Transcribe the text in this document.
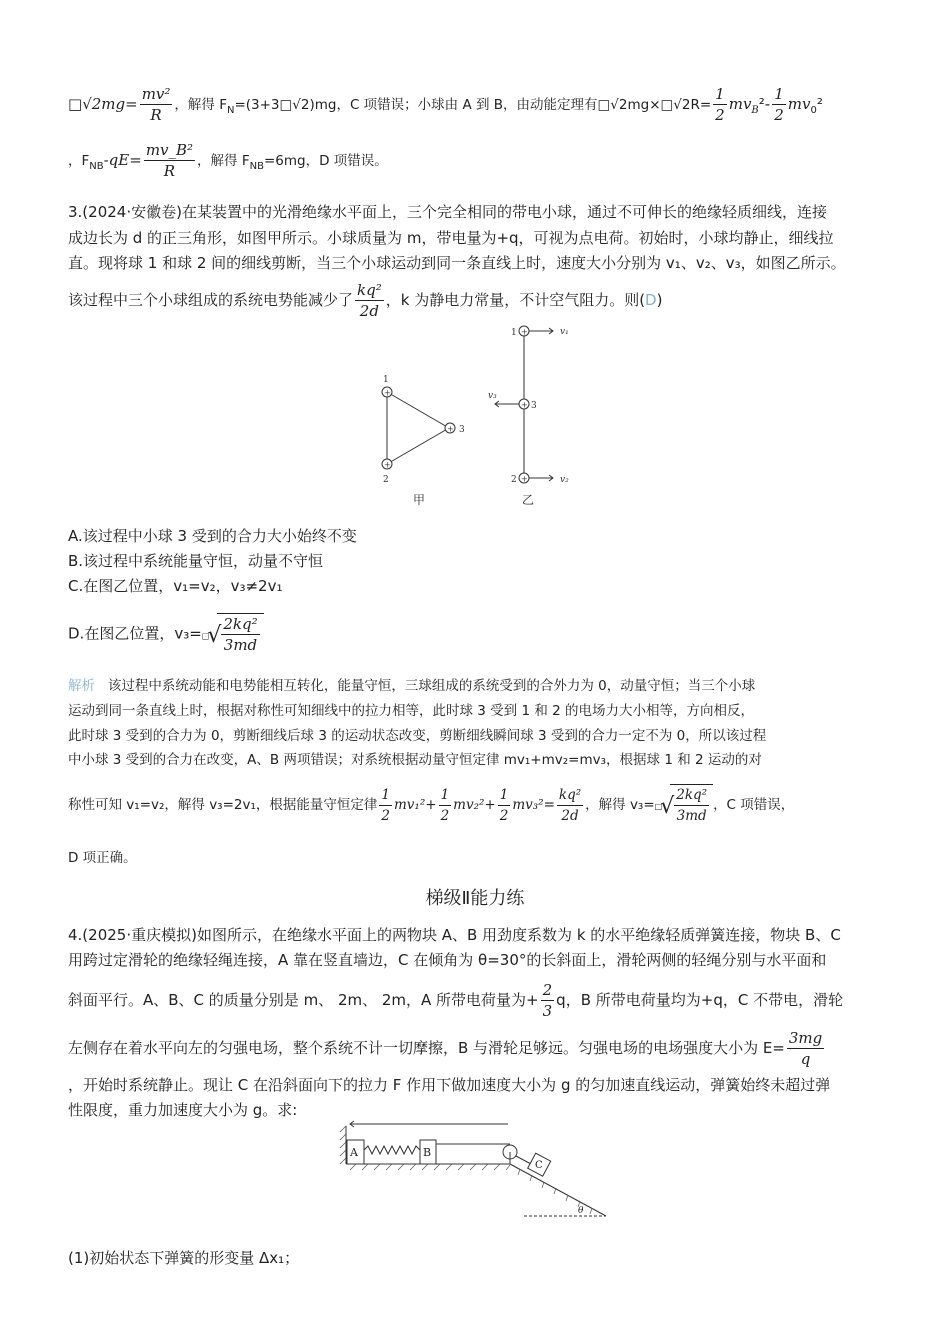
□√2mg= $\frac{\text{mv²}}{R}$ ，解得 $F_N=(3+3□√2)mg$，C 项错误；小球由 A 到 B，由动能定理有□√2mg×□√2R= $\frac{1}{2} mv_B^2- \frac{1}{2} mv_0^2$
，$F_{NB}-qE= \frac{\text{mv\_B²}}{R}$ ，解得 $F_{NB}=6mg$，D 项错误。
3.(2024·安徽卷)在某装置中的光滑绝缘水平面上，三个完全相同的带电小球，通过不可伸长的绝缘轻质细线，连接
成边长为 d 的正三角形，如图甲所示。小球质量为 m，带电量为+q，可视为点电荷。初始时，小球均静止，细线拉
直。现将球 1 和球 2 间的细线剪断，当三个小球运动到同一条直线上时，速度大小分别为 v₁、v₂、v₃，如图乙所示。
该过程中三个小球组成的系统电势能减少了 $\frac{\text{kq²}}{2d}$ ，k 为静电力常量，不计空气阻力。则(D)
+
+
+
1
2
3
甲
+
+
+
1
3
2
v₁
v₃
v₂
乙
A.该过程中小球 3 受到的合力大小始终不变
B.该过程中系统能量守恒，动量不守恒
C.在图乙位置，v₁=v₂，v₃≠2v₁
D.在图乙位置，v₃=□ √ $\frac{\text{2kq²}}{3md}$
解析 该过程中系统动能和电势能相互转化，能量守恒，三球组成的系统受到的合外力为 0，动量守恒；当三个小球
运动到同一条直线上时，根据对称性可知细线中的拉力相等，此时球 3 受到 1 和 2 的电场力大小相等，方向相反，
此时球 3 受到的合力为 0，剪断细线后球 3 的运动状态改变，剪断细线瞬间球 3 受到的合力一定不为 0，所以该过程
中小球 3 受到的合力在改变，A、B 两项错误；对系统根据动量守恒定律 mv₁+mv₂=mv₃，根据球 1 和 2 运动的对
称性可知 v₁=v₂，解得 v₃=2v₁，根据能量守恒定律 $\frac{1}{2} mv_1^2+ \frac{1}{2} mv_2^2+ \frac{1}{2} mv_3^2= \frac{\text{kq²}}{2d}$ ，解得 v₃=□ √ $\frac{\text{2kq²}}{3md}$ ，C 项错误，
D 项正确。
梯级Ⅱ能力练
4.(2025·重庆模拟)如图所示，在绝缘水平面上的两物块 A、B 用劲度系数为 k 的水平绝缘轻质弹簧连接，物块 B、C
用跨过定滑轮的绝缘轻绳连接，A 靠在竖直墙边，C 在倾角为 θ=30°的长斜面上，滑轮两侧的轻绳分别与水平面和
斜面平行。A、B、C 的质量分别是 m、 2m、 2m，A 所带电荷量为+ $\frac{2}{3}$ q，B 所带电荷量均为+q，C 不带电，滑轮
左侧存在着水平向左的匀强电场，整个系统不计一切摩擦，B 与滑轮足够远。匀强电场的电场强度大小为 $E= \frac{3mg}{q}$
，开始时系统静止。现让 C 在沿斜面向下的拉力 F 作用下做加速度大小为 g 的匀加速直线运动，弹簧始终未超过弹
性限度，重力加速度大小为 g。求:
A	B
C
θ
(1)初始状态下弹簧的形变量 Δx₁；
